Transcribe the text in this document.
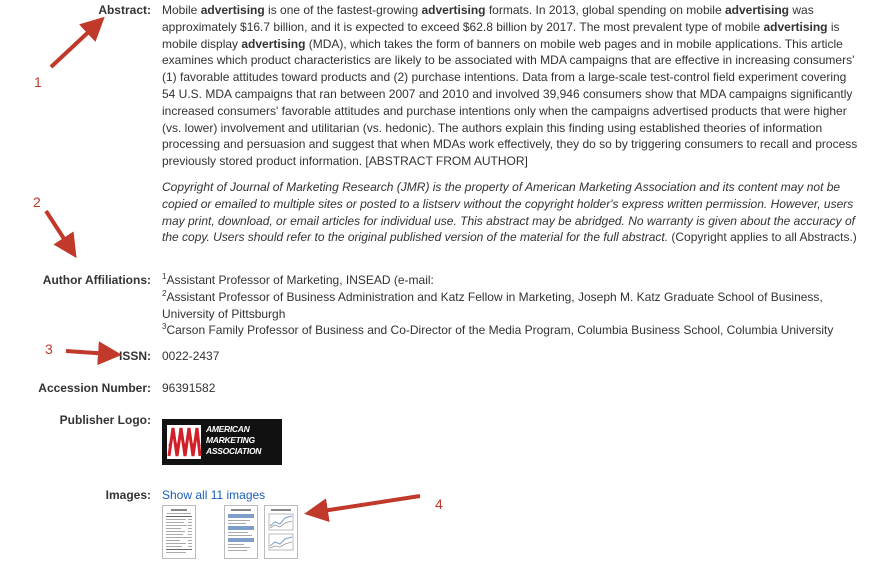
Abstract: Mobile advertising is one of the fastest-growing advertising formats. In 2013, global spending on mobile advertising was approximately $16.7 billion, and it is expected to exceed $62.8 billion by 2017. The most prevalent type of mobile advertising is mobile display advertising (MDA), which takes the form of banners on mobile web pages and in mobile applications. This article examines which product characteristics are likely to be associated with MDA campaigns that are effective in increasing consumers' (1) favorable attitudes toward products and (2) purchase intentions. Data from a large-scale test-control field experiment covering 54 U.S. MDA campaigns that ran between 2007 and 2010 and involved 39,946 consumers show that MDA campaigns significantly increased consumers' favorable attitudes and purchase intentions only when the campaigns advertised products that were higher (vs. lower) involvement and utilitarian (vs. hedonic). The authors explain this finding using established theories of information processing and persuasion and suggest that when MDAs work effectively, they do so by triggering consumers to recall and process previously stored product information. [ABSTRACT FROM AUTHOR]
Copyright of Journal of Marketing Research (JMR) is the property of American Marketing Association and its content may not be copied or emailed to multiple sites or posted to a listserv without the copyright holder's express written permission. However, users may print, download, or email articles for individual use. This abstract may be abridged. No warranty is given about the accuracy of the copy. Users should refer to the original published version of the material for the full abstract. (Copyright applies to all Abstracts.)
Author Affiliations: $^1$Assistant Professor of Marketing, INSEAD (e-mail:
$^2$Assistant Professor of Business Administration and Katz Fellow in Marketing, Joseph M. Katz Graduate School of Business, University of Pittsburgh
$^3$Carson Family Professor of Business and Co-Director of the Media Program, Columbia Business School, Columbia University
ISSN: 0022-2437
Accession Number: 96391582
Publisher Logo:
AMERICAN
MARKETING
ASSOCIATION
Images: Show all 11 images
1
2
3
4
